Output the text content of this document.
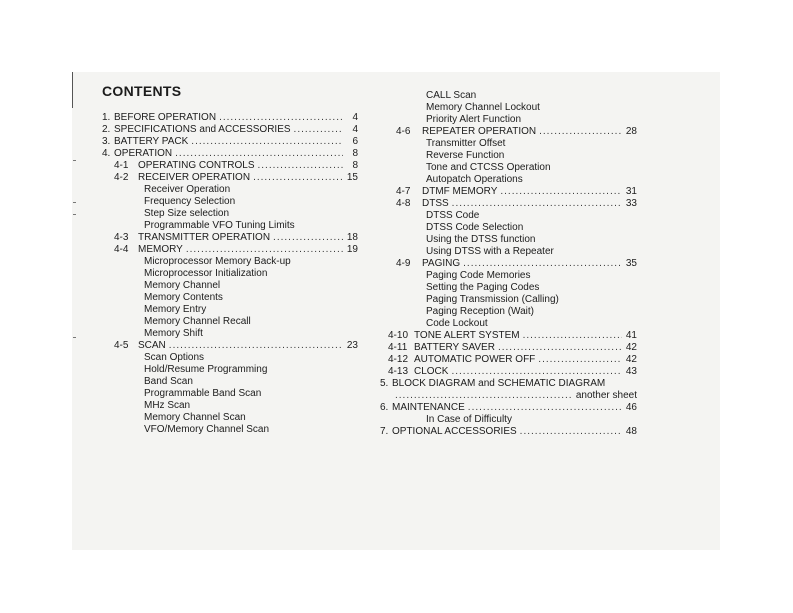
CONTENTS
1. BEFORE OPERATION .....	4
2. SPECIFICATIONS and ACCESSORIES .....	4
3. BATTERY PACK .....	6
4. OPERATION .....	8
4-1 OPERATING CONTROLS .....	8
4-2 RECEIVER OPERATION .....	15
Receiver Operation
Frequency Selection
Step Size selection
Programmable VFO Tuning Limits
4-3 TRANSMITTER OPERATION .....	18
4-4 MEMORY .....	19
Microprocessor Memory Back-up
Microprocessor Initialization
Memory Channel
Memory Contents
Memory Entry
Memory Channel Recall
Memory Shift
4-5 SCAN .....	23
Scan Options
Hold/Resume Programming
Band Scan
Programmable Band Scan
MHz Scan
Memory Channel Scan
VFO/Memory Channel Scan
CALL Scan
Memory Channel Lockout
Priority Alert Function
4-6	REPEATER OPERATION .....	28
Transmitter Offset
Reverse Function
Tone and CTCSS Operation
Autopatch Operations
4-7	DTMF MEMORY .....	31
4-8	DTSS .....	33
DTSS Code
DTSS Code Selection
Using the DTSS function
Using DTSS with a Repeater
4-9	PAGING .....	35
Paging Code Memories
Setting the Paging Codes
Paging Transmission (Calling)
Paging Reception (Wait)
Code Lockout
4-10 TONE ALERT SYSTEM .....	41
4-11 BATTERY SAVER .....	42
4-12 AUTOMATIC POWER OFF .....	42
4-13 CLOCK .....	43
5. BLOCK DIAGRAM and SCHEMATIC DIAGRAM
.....
another sheet
6. MAINTENANCE .....	46
In Case of Difficulty
7. OPTIONAL ACCESSORIES .....	48
